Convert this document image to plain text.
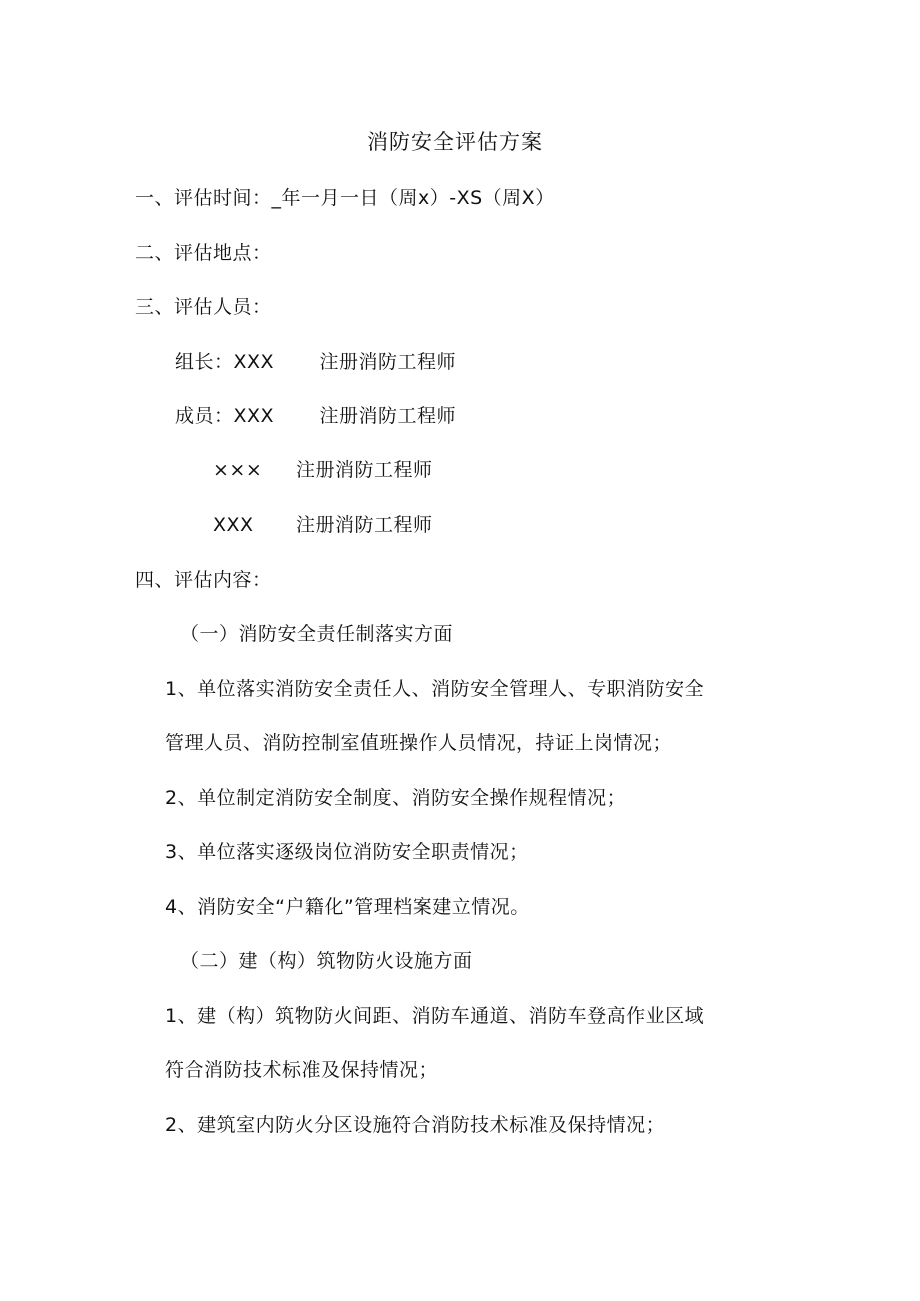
消防安全评估方案
一、评估时间：_年一月一日（周x）-XS（周X）
二、评估地点：
三、评估人员：
组长：XXX 注册消防工程师
成员：XXX 注册消防工程师
××× 注册消防工程师
XXX 注册消防工程师
四、评估内容：
（一）消防安全责任制落实方面
1、单位落实消防安全责任人、消防安全管理人、专职消防安全
管理人员、消防控制室值班操作人员情况，持证上岗情况；
2、单位制定消防安全制度、消防安全操作规程情况；
3、单位落实逐级岗位消防安全职责情况；
4、消防安全“户籍化”管理档案建立情况。
（二）建（构）筑物防火设施方面
1、建（构）筑物防火间距、消防车通道、消防车登高作业区域
符合消防技术标准及保持情况；
2、建筑室内防火分区设施符合消防技术标准及保持情况；
